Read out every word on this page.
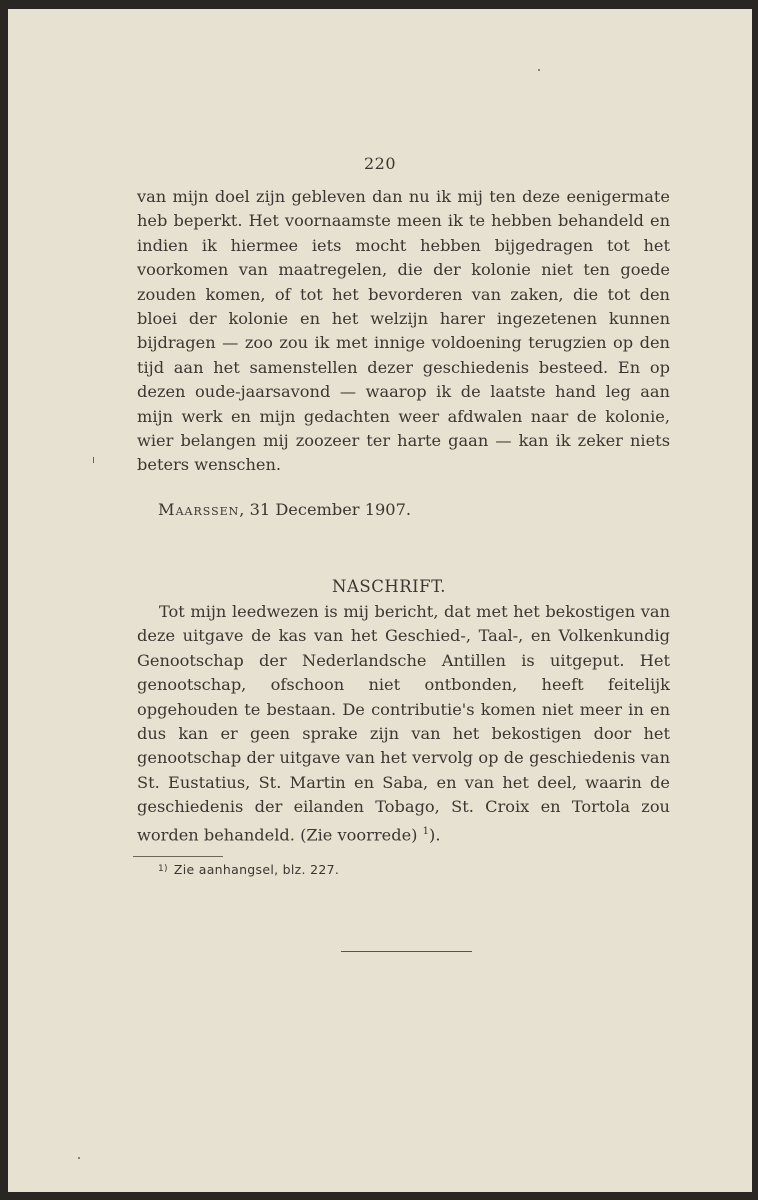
220

van mijn doel zijn gebleven dan nu ik mij ten deze eenigermate heb beperkt. Het voornaamste meen ik te hebben behandeld en indien ik hiermee iets mocht hebben bijgedragen tot het voorkomen van maatregelen, die der kolonie niet ten goede zouden komen, of tot het bevorderen van zaken, die tot den bloei der kolonie en het welzijn harer ingezetenen kunnen bijdragen — zoo zou ik met innige voldoening terugzien op den tijd aan het samenstellen dezer geschiedenis besteed. En op dezen oude-jaarsavond — waarop ik de laatste hand leg aan mijn werk en mijn gedachten weer afdwalen naar de kolonie, wier belangen mij zoozeer ter harte gaan — kan ik zeker niets beters wenschen.

Maarssen, 31 December 1907.
NASCHRIFT.

Tot mijn leedwezen is mij bericht, dat met het bekostigen van deze uitgave de kas van het Geschied-, Taal-, en Volkenkundig Genootschap der Nederlandsche Antillen is uitgeput. Het genootschap, ofschoon niet ontbonden, heeft feitelijk opgehouden te bestaan. De contributie's komen niet meer in en dus kan er geen sprake zijn van het bekostigen door het genootschap der uitgave van het vervolg op de geschiedenis van St. Eustatius, St. Martin en Saba, en van het deel, waarin de geschiedenis der eilanden Tobago, St. Croix en Tortola zou worden behandeld. (Zie voorrede) $^1$).

$^{1)}$ Zie aanhangsel, blz. 227.
